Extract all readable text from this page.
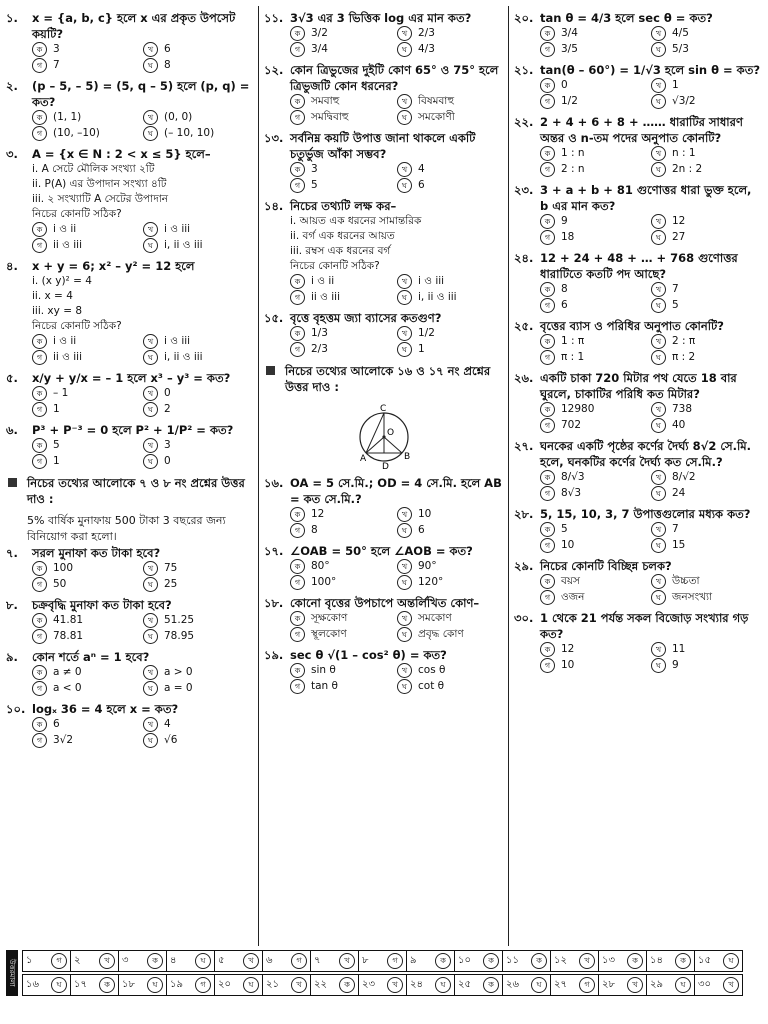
১.	x = {a, b, c} হলে x এর প্রকৃত উপসেট কয়টি?
ক	3	খ	6
গ	7	ঘ	8
২.	(p – 5, – 5) = (5, q – 5) হলে (p, q) = কত?
ক	(1, 1)	খ	(0, 0)
গ	(10, –10)	ঘ	(– 10, 10)
৩.	A = {x ∈ N : 2 < x ≤ 5} হলে–
i. A সেটে মৌলিক সংখ্যা ২টি
ii. P(A) এর উপাদান সংখ্যা ৪টি
iii. ২ সংখ্যাটি A সেটের উপাদান
নিচের কোনটি সঠিক?
ক	i ও ii	খ	i ও iii
গ	ii ও iii	ঘ	i, ii ও iii
৪.	x + y = 6; x² – y² = 12 হলে
i. (x y)² = 4
ii. x = 4
iii. xy = 8
নিচের কোনটি সঠিক?
ক	i ও ii	খ	i ও iii
গ	ii ও iii	ঘ	i, ii ও iii
৫.	x/y + y/x = – 1 হলে x³ – y³ = কত?
ক	– 1	খ	0
গ	1	ঘ	2
৬.	P³ + P⁻³ = 0 হলে P² + 1/P² = কত?
ক	5	খ	3
গ	1	ঘ	0
নিচের তথ্যের আলোকে ৭ ও ৮ নং প্রশ্নের উত্তর দাও :
5% বার্ষিক মুনাফায় 500 টাকা 3 বছরের জন্য বিনিয়োগ করা হলো।
৭.	সরল মুনাফা কত টাকা হবে?
ক	100	খ	75
গ	50	ঘ	25
৮.	চক্রবৃদ্ধি মুনাফা কত টাকা হবে?
ক	41.81	খ	51.25
গ	78.81	ঘ	78.95
৯.	কোন শর্তে aⁿ = 1 হবে?
ক	a ≠ 0	খ	a > 0
গ	a < 0	ঘ	a = 0
১০. logₓ 36 = 4 হলে x = কত?
ক	6	খ	4
গ	3√2	ঘ	√6
১১. 3√3 এর 3 ভিত্তিক log এর মান কত?
ক	3/2	খ	2/3
গ	3/4	ঘ	4/3
১২. কোন ত্রিভুজের দুইটি কোণ 65° ও 75° হলে ত্রিভুজটি কোন ধরনের?
ক	সমবাহু	খ	বিষমবাহু
গ	সমদ্বিবাহু	ঘ	সমকোণী
১৩. সর্বনিম্ন কয়টি উপাত্ত জানা থাকলে একটি চতুর্ভুজ আঁকা সম্ভব?
ক	3	খ	4
গ	5	ঘ	6
১৪. নিচের তথ্যটি লক্ষ কর–
i. আয়ত এক ধরনের সামান্তরিক
ii. বর্গ এক ধরনের আয়ত
iii. রম্বস এক ধরনের বর্গ
নিচের কোনটি সঠিক?
ক	i ও ii	খ	i ও iii
গ	ii ও iii	ঘ	i, ii ও iii
১৫. বৃত্তে বৃহত্তম জ্যা ব্যাসের কতগুণ?
ক	1/3	খ	1/2
গ	2/3	ঘ	1
নিচের তথ্যের আলোকে ১৬ ও ১৭ নং প্রশ্নের উত্তর দাও :
C
O
A
D
B
১৬. OA = 5 সে.মি.; OD = 4 সে.মি. হলে AB = কত সে.মি.?
ক	12	খ	10
গ	8	ঘ	6
১৭. ∠OAB = 50° হলে ∠AOB = কত?
ক	80°	খ	90°
গ	100°	ঘ	120°
১৮. কোনো বৃত্তের উপচাপে অন্তর্লিখিত কোণ–
ক	সূক্ষকোণ	খ	সমকোণ
গ	স্থূলকোণ	ঘ	প্রবৃদ্ধ কোণ
১৯. sec θ √(1 – cos² θ) = কত?
ক	sin θ	খ	cos θ
গ	tan θ	ঘ	cot θ
২০. tan θ = 4/3 হলে sec θ = কত?
ক	3/4	খ	4/5
গ	3/5	ঘ	5/3
২১. tan(θ – 60°) = 1/√3 হলে sin θ = কত?
ক	0	খ	1
গ	1/2	ঘ	√3/2
২২. 2 + 4 + 6 + 8 + …… ধারাটির সাধারণ অন্তর ও n-তম পদের অনুপাত কোনটি?
ক	1 : n	খ	n : 1
গ	2 : n	ঘ	2n : 2
২৩. 3 + a + b + 81 গুণোত্তর ধারা ভুক্ত হলে, b এর মান কত?
ক	9	খ	12
গ	18	ঘ	27
২৪. 12 + 24 + 48 + … + 768 গুণোত্তর ধারাটিতে কতটি পদ আছে?
ক	8	খ	7
গ	6	ঘ	5
২৫. বৃত্তের ব্যাস ও পরিধির অনুপাত কোনটি?
ক	1 : π	খ	2 : π
গ	π : 1	ঘ	π : 2
২৬. একটি চাকা 720 মিটার পথ যেতে 18 বার ঘুরলে, চাকাটির পরিধি কত মিটার?
ক	12980	খ	738
গ	702	ঘ	40
২৭. ঘনকের একটি পৃষ্ঠের কর্ণের দৈর্ঘ্য 8√2 সে.মি. হলে, ঘনকটির কর্ণের দৈর্ঘ্য কত সে.মি.?
ক	8/√3	খ	8/√2
গ	8√3	ঘ	24
২৮. 5, 15, 10, 3, 7 উপাত্তগুলোর মধ্যক কত?
ক	5	খ	7
গ	10	ঘ	15
২৯. নিচের কোনটি বিচ্ছিন্ন চলক?
ক	বয়স	খ	উচ্চতা
গ	ওজন	ঘ	জনসংখ্যা
৩০. 1 থেকে 21 পর্যন্ত সকল বিজোড় সংখ্যার গড় কত?
ক	12	খ	11
গ	10	ঘ	9
উত্তরমালা ১	গ	২	খ	৩	ক	৪	ঘ	৫	খ	৬	গ	৭	খ	৮	গ	৯	ক	১০	ক	১১	ক	১২	খ	১৩	ক	১৪	ক	১৫	ঘ
১৬	ঘ	১৭	ক	১৮	ঘ	১৯	গ	২০	ঘ	২১	খ	২২	ক	২৩	খ	২৪	ঘ	২৫	ক	২৬	ঘ	২৭	গ	২৮	খ	২৯	ঘ	৩০	খ
